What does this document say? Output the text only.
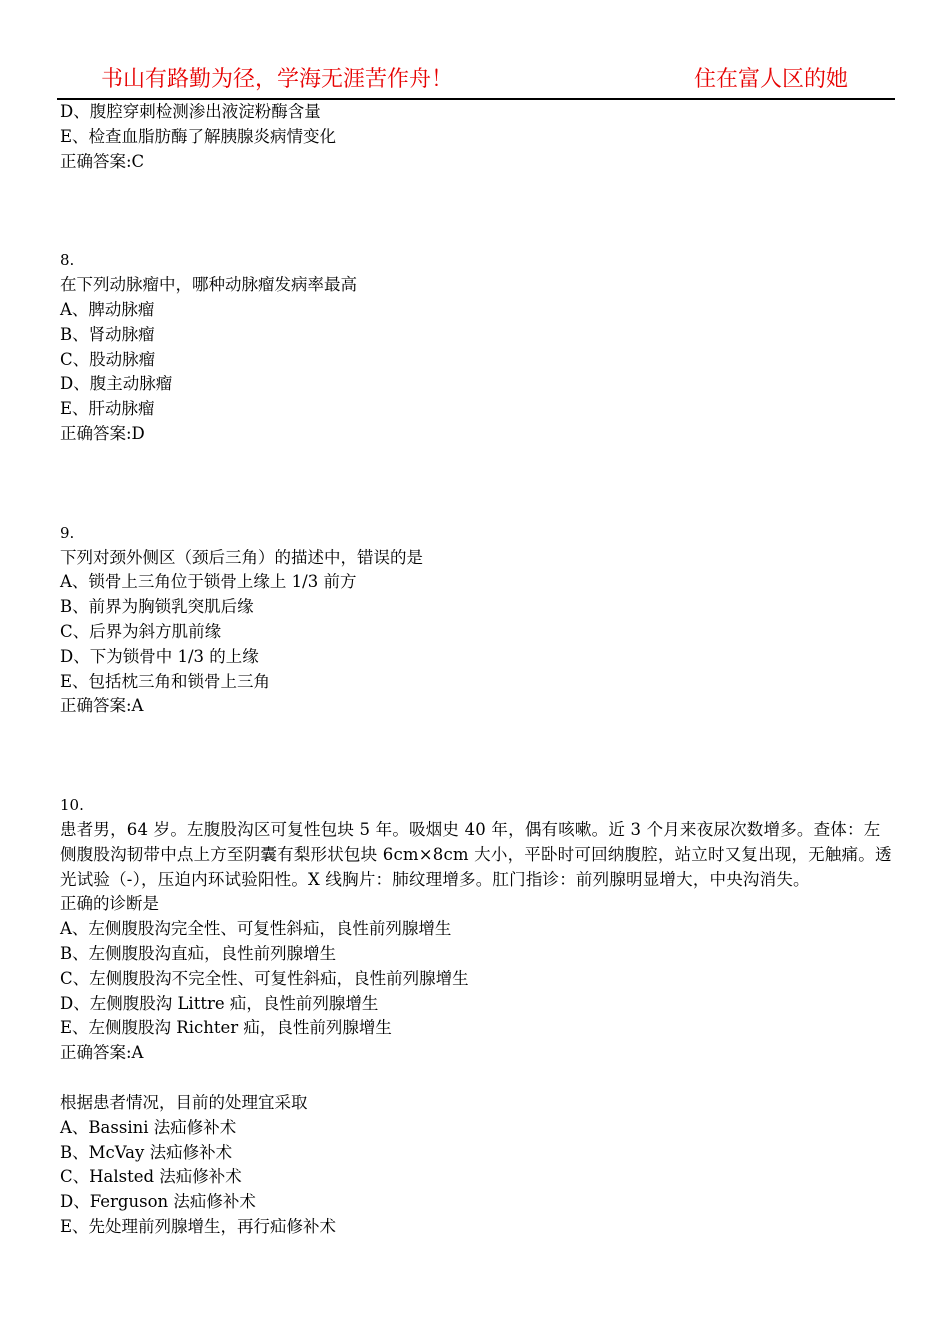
书山有路勤为径，学海无涯苦作舟！	住在富人区的她
D、腹腔穿刺检测渗出液淀粉酶含量
E、检查血脂肪酶了解胰腺炎病情变化
正确答案:C
8.
在下列动脉瘤中，哪种动脉瘤发病率最高
A、脾动脉瘤
B、肾动脉瘤
C、股动脉瘤
D、腹主动脉瘤
E、肝动脉瘤
正确答案:D
9.
下列对颈外侧区（颈后三角）的描述中，错误的是
A、锁骨上三角位于锁骨上缘上 1/3 前方
B、前界为胸锁乳突肌后缘
C、后界为斜方肌前缘
D、下为锁骨中 1/3 的上缘
E、包括枕三角和锁骨上三角
正确答案:A
10.
患者男，64 岁。左腹股沟区可复性包块 5 年。吸烟史 40 年，偶有咳嗽。近 3 个月来夜尿次数增多。查体：左侧腹股沟韧带中点上方至阴囊有梨形状包块 6cm×8cm 大小，平卧时可回纳腹腔，站立时又复出现，无触痛。透光试验（-），压迫内环试验阳性。X 线胸片：肺纹理增多。肛门指诊：前列腺明显增大，中央沟消失。
正确的诊断是
A、左侧腹股沟完全性、可复性斜疝，良性前列腺增生
B、左侧腹股沟直疝，良性前列腺增生
C、左侧腹股沟不完全性、可复性斜疝，良性前列腺增生
D、左侧腹股沟 Littre 疝，良性前列腺增生
E、左侧腹股沟 Richter 疝，良性前列腺增生
正确答案:A
根据患者情况，目前的处理宜采取
A、Bassini 法疝修补术
B、McVay 法疝修补术
C、Halsted 法疝修补术
D、Ferguson 法疝修补术
E、先处理前列腺增生，再行疝修补术
